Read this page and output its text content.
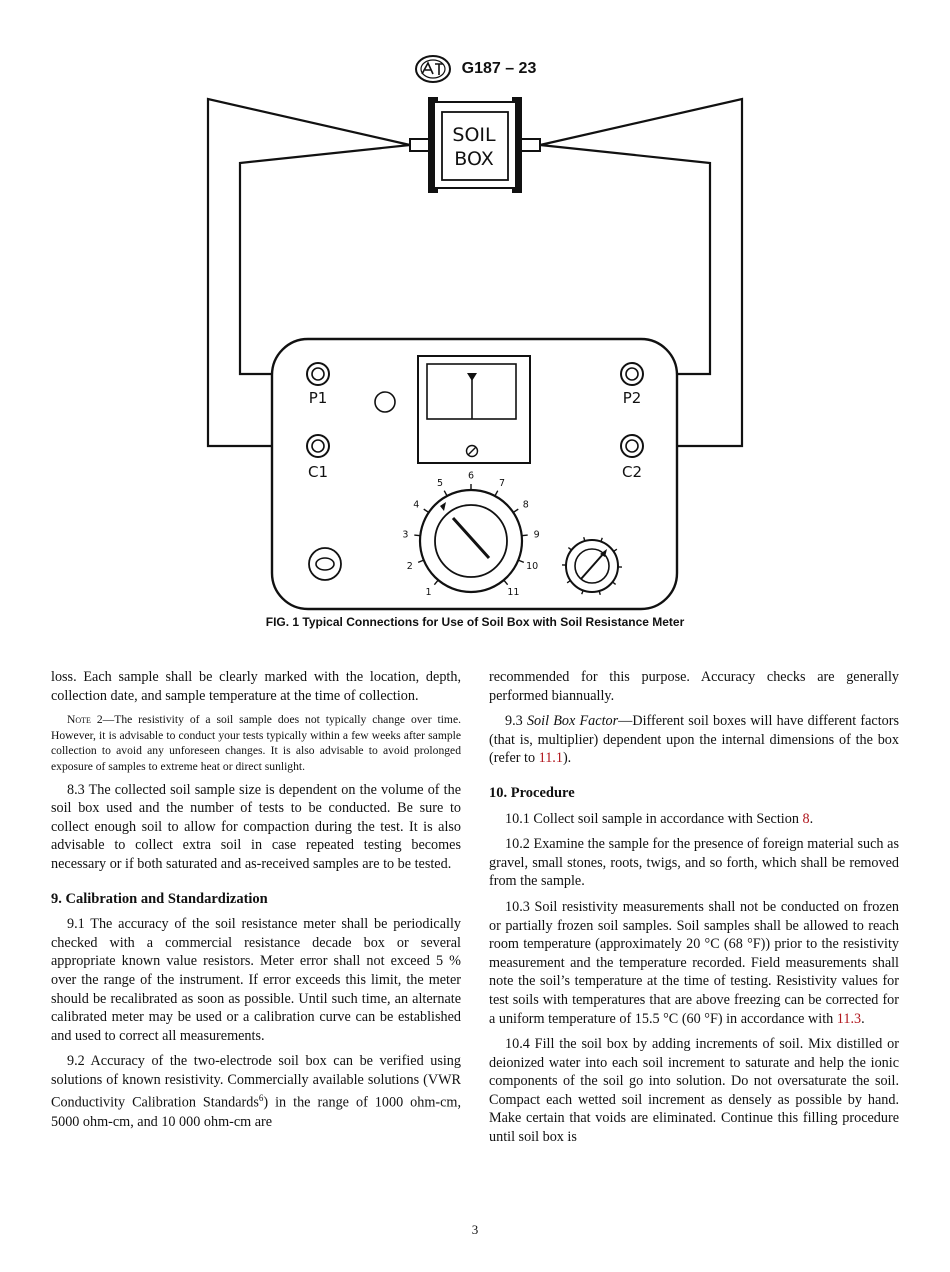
G187 – 23
SOIL
BOX
P1
C1
P2
C2
1
2
3
4
5
6
7
8
9
10
11
FIG. 1 Typical Connections for Use of Soil Box with Soil Resistance Meter

loss. Each sample shall be clearly marked with the location, depth, collection date, and sample temperature at the time of collection.

Note 2—The resistivity of a soil sample does not typically change over time. However, it is advisable to conduct your tests typically within a few weeks after sample collection to avoid any unforeseen changes. It is also advisable to avoid prolonged exposure of samples to extreme heat or direct sunlight.

8.3 The collected soil sample size is dependent on the volume of the soil box used and the number of tests to be conducted. Be sure to collect enough soil to allow for compaction during the test. It is also advisable to collect extra soil in case repeated testing becomes necessary or if both saturated and as-received samples are to be tested.

9. Calibration and Standardization

9.1 The accuracy of the soil resistance meter shall be periodically checked with a commercial resistance decade box or several appropriate known value resistors. Meter error shall not exceed 5 % over the range of the instrument. If error exceeds this limit, the meter should be recalibrated as soon as possible. Until such time, an alternate calibrated meter may be used or a calibration curve can be established and used to correct all measurements.

9.2 Accuracy of the two-electrode soil box can be verified using solutions of known resistivity. Commercially available solutions (VWR Conductivity Calibration Standards$^6$) in the range of 1000 ohm-cm, 5000 ohm-cm, and 10 000 ohm-cm are

recommended for this purpose. Accuracy checks are generally performed biannually.

9.3 Soil Box Factor—Different soil boxes will have different factors (that is, multiplier) dependent upon the internal dimensions of the box (refer to 11.1).

10. Procedure

10.1 Collect soil sample in accordance with Section 8.

10.2 Examine the sample for the presence of foreign material such as gravel, small stones, roots, twigs, and so forth, which shall be removed from the sample.

10.3 Soil resistivity measurements shall not be conducted on frozen or partially frozen soil samples. Soil samples shall be allowed to reach room temperature (approximately 20 °C (68 °F)) prior to the resistivity measurement and the temperature recorded. Field measurements shall note the soil’s temperature at the time of testing. Resistivity values for test soils with temperatures that are above freezing can be corrected for a uniform temperature of 15.5 °C (60 °F) in accordance with 11.3.

10.4 Fill the soil box by adding increments of soil. Mix distilled or deionized water into each soil increment to saturate and help the ionic components of the soil go into solution. Do not oversaturate the soil. Compact each wetted soil increment as densely as possible by hand. Make certain that voids are eliminated. Continue this filling procedure until soil box is

3
